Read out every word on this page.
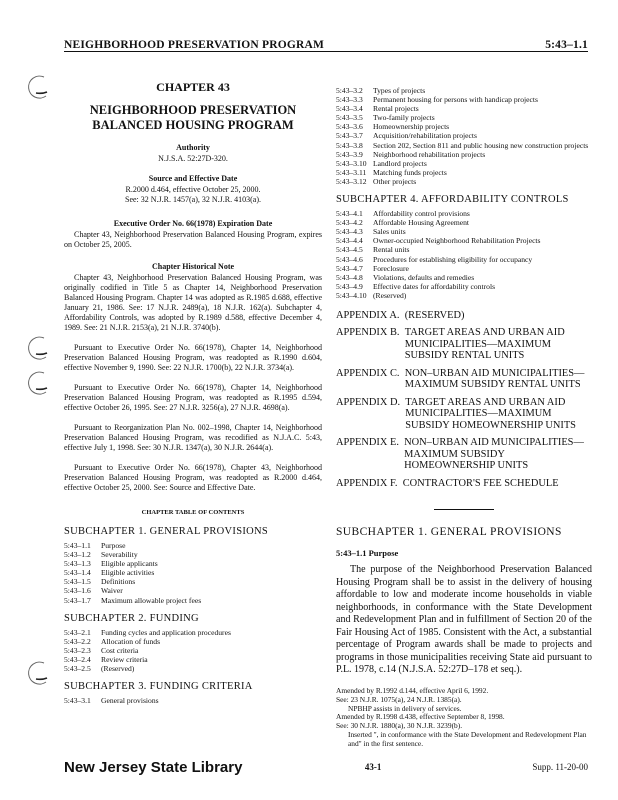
NEIGHBORHOOD PRESERVATION PROGRAM	5:43–1.1
CHAPTER 43
NEIGHBORHOOD PRESERVATION BALANCED HOUSING PROGRAM
Authority
N.J.S.A. 52:27D-320.
Source and Effective Date
R.2000 d.464, effective October 25, 2000.
See: 32 N.J.R. 1457(a), 32 N.J.R. 4103(a).
Executive Order No. 66(1978) Expiration Date

Chapter 43, Neighborhood Preservation Balanced Housing Program, expires on October 25, 2005.

Chapter Historical Note

Chapter 43, Neighborhood Preservation Balanced Housing Program, was originally codified in Title 5 as Chapter 14, Neighborhood Preservation Balanced Housing Program. Chapter 14 was adopted as R.1985 d.688, effective January 21, 1986. See: 17 N.J.R. 2489(a), 18 N.J.R. 162(a). Subchapter 4, Affordability Controls, was adopted by R.1989 d.588, effective December 4, 1989. See: 21 N.J.R. 2153(a), 21 N.J.R. 3740(b).

Pursuant to Executive Order No. 66(1978), Chapter 14, Neighborhood Preservation Balanced Housing Program, was readopted as R.1990 d.604, effective November 9, 1990. See: 22 N.J.R. 1700(b), 22 N.J.R. 3734(a).

Pursuant to Executive Order No. 66(1978), Chapter 14, Neighborhood Preservation Balanced Housing Program, was readopted as R.1995 d.594, effective October 26, 1995. See: 27 N.J.R. 3256(a), 27 N.J.R. 4698(a).

Pursuant to Reorganization Plan No. 002–1998, Chapter 14, Neighborhood Preservation Balanced Housing Program, was recodified as N.J.A.C. 5:43, effective July 1, 1998. See: 30 N.J.R. 1347(a), 30 N.J.R. 2644(a).

Pursuant to Executive Order No. 66(1978), Chapter 43, Neighborhood Preservation Balanced Housing Program, was readopted as R.2000 d.464, effective October 25, 2000. See: Source and Effective Date.

CHAPTER TABLE OF CONTENTS
SUBCHAPTER 1. GENERAL PROVISIONS
5:43–1.1	Purpose
5:43–1.2	Severability
5:43–1.3	Eligible applicants
5:43–1.4	Eligible activities
5:43–1.5	Definitions
5:43–1.6	Waiver
5:43–1.7	Maximum allowable project fees
SUBCHAPTER 2. FUNDING
5:43–2.1	Funding cycles and application procedures
5:43–2.2	Allocation of funds
5:43–2.3	Cost criteria
5:43–2.4	Review criteria
5:43–2.5	(Reserved)
SUBCHAPTER 3. FUNDING CRITERIA
5:43–3.1	General provisions
5:43–3.2	Types of projects
5:43–3.3	Permanent housing for persons with handicap projects
5:43–3.4	Rental projects
5:43–3.5	Two-family projects
5:43–3.6	Homeownership projects
5:43–3.7	Acquisition/rehabilitation projects
5:43–3.8	Section 202, Section 811 and public housing new construction projects
5:43–3.9	Neighborhood rehabilitation projects
5:43–3.10 Landlord projects
5:43–3.11 Matching funds projects
5:43–3.12 Other projects
SUBCHAPTER 4. AFFORDABILITY CONTROLS
5:43–4.1	Affordability control provisions
5:43–4.2	Affordable Housing Agreement
5:43–4.3	Sales units
5:43–4.4	Owner-occupied Neighborhood Rehabilitation Projects
5:43–4.5	Rental units
5:43–4.6	Procedures for establishing eligibility for occupancy
5:43–4.7	Foreclosure
5:43–4.8	Violations, defaults and remedies
5:43–4.9	Effective dates for affordability controls
5:43–4.10 (Reserved)
APPENDIX A. (RESERVED)
APPENDIX B. TARGET AREAS AND URBAN AID MUNICIPALITIES—MAXIMUM SUBSIDY RENTAL UNITS
APPENDIX C. NON–URBAN AID MUNICIPALITIES—MAXIMUM SUBSIDY RENTAL UNITS
APPENDIX D. TARGET AREAS AND URBAN AID MUNICIPALITIES—MAXIMUM SUBSIDY HOMEOWNERSHIP UNITS
APPENDIX E. NON–URBAN AID MUNICIPALITIES—MAXIMUM SUBSIDY HOMEOWNERSHIP UNITS
APPENDIX F. CONTRACTOR'S FEE SCHEDULE
SUBCHAPTER 1. GENERAL PROVISIONS
5:43–1.1 Purpose

The purpose of the Neighborhood Preservation Balanced Housing Program shall be to assist in the delivery of housing affordable to low and moderate income households in viable neighborhoods, in conformance with the State Development and Redevelopment Plan and in fulfillment of Section 20 of the Fair Housing Act of 1985. Consistent with the Act, a substantial percentage of Program awards shall be made to projects and programs in those municipalities receiving State aid pursuant to P.L. 1978, c.14 (N.J.S.A. 52:27D–178 et seq.).

Amended by R.1992 d.144, effective April 6, 1992.
See: 23 N.J.R. 1075(a), 24 N.J.R. 1385(a).
NPBHP assists in delivery of services.
Amended by R.1998 d.438, effective September 8, 1998.
See: 30 N.J.R. 1880(a), 30 N.J.R. 3239(b).
Inserted ", in conformance with the State Development and Redevelopment Plan and" in the first sentence.
New Jersey State Library	43-1	Supp. 11-20-00
